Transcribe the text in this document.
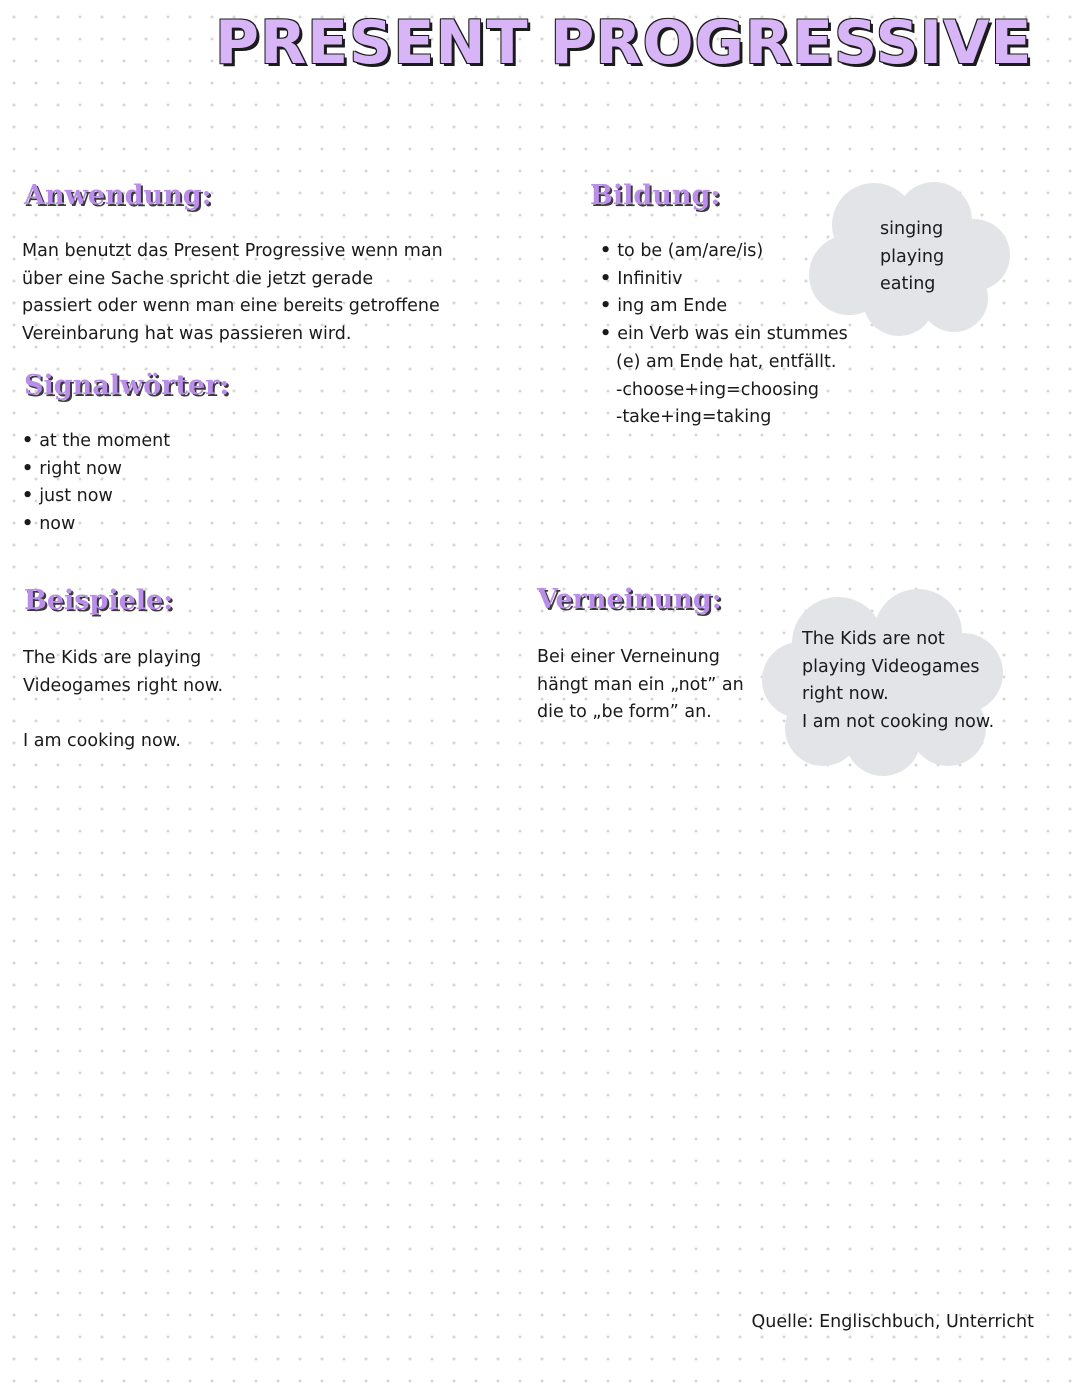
PRESENT PROGRESSIVE
Anwendung:
Man benutzt das Present Progressive wenn man
über eine Sache spricht die jetzt gerade
passiert oder wenn man eine bereits getroffene
Vereinbarung hat was passieren wird.
Signalwörter:
• at the moment
• right now
• just now
• now
singing
playing
eating
Bildung:
• to be (am/are/is)
• Infinitiv
• ing am Ende
• ein Verb was ein stummes
(e) am Ende hat, entfällt.
-choose+ing=choosing
-take+ing=taking
Beispiele:
The Kids are playing
Videogames right now.
I am cooking now.
The Kids are not
playing Videogames
right now.
I am not cooking now.
Verneinung:
Bei einer Verneinung
hängt man ein „not” an
die to „be form” an.
Quelle: Englischbuch, Unterricht
